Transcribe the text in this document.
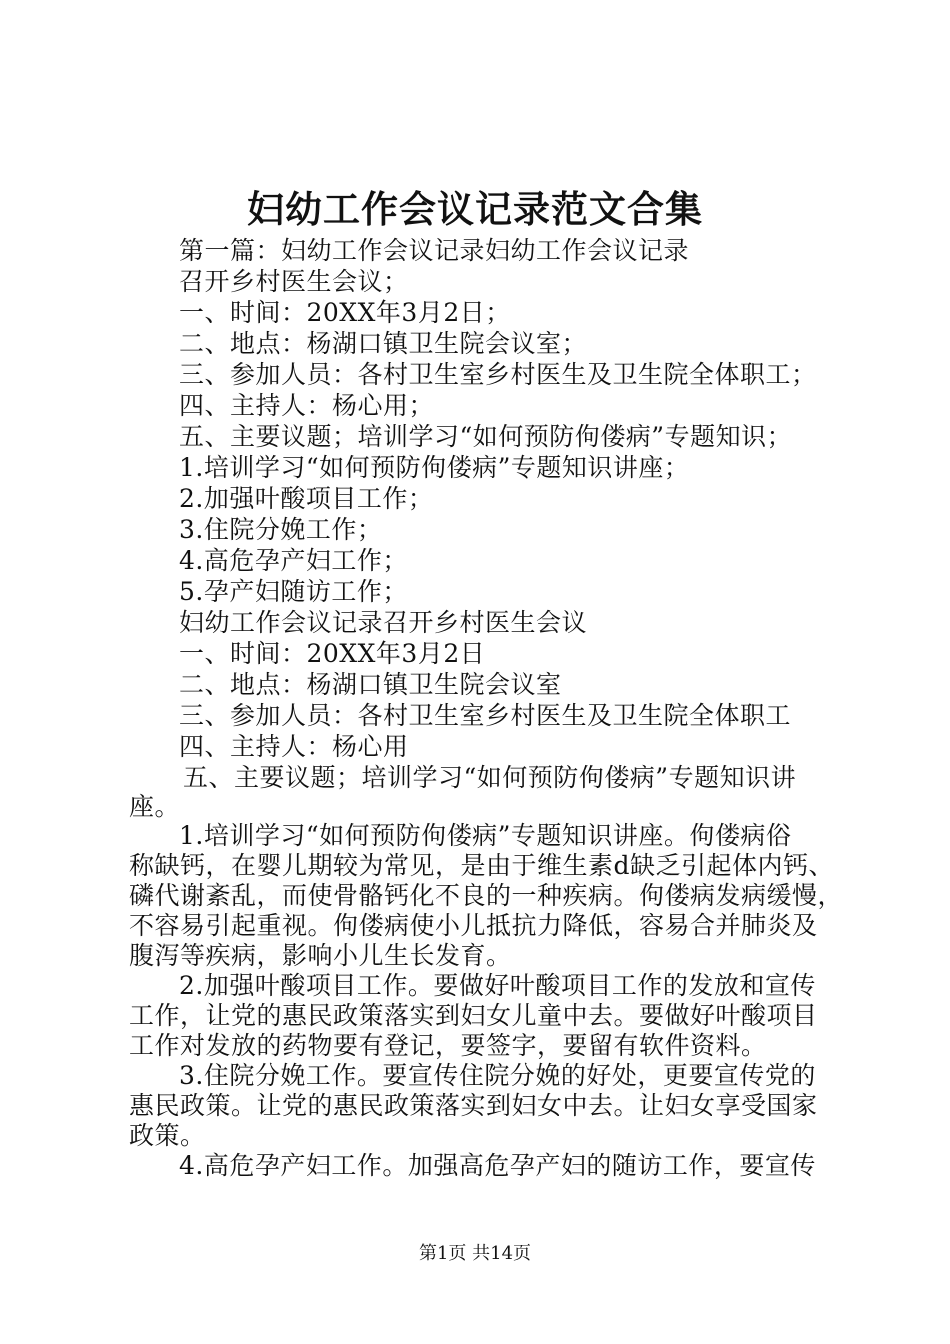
妇幼工作会议记录范文合集
第一篇：妇幼工作会议记录妇幼工作会议记录
召开乡村医生会议；
一、时间：20XX年3月2日；
二、地点：杨湖口镇卫生院会议室；
三、参加人员：各村卫生室乡村医生及卫生院全体职工；
四、主持人：杨心用；
五、主要议题；培训学习“如何预防佝偻病”专题知识；
1.培训学习“如何预防佝偻病”专题知识讲座；
2.加强叶酸项目工作；
3.住院分娩工作；
4.高危孕产妇工作；
5.孕产妇随访工作；
妇幼工作会议记录召开乡村医生会议
一、时间：20XX年3月2日
二、地点：杨湖口镇卫生院会议室
三、参加人员：各村卫生室乡村医生及卫生院全体职工
四、主持人：杨心用
五、主要议题；培训学习“如何预防佝偻病”专题知识讲
座。
1.培训学习“如何预防佝偻病”专题知识讲座。佝偻病俗
称缺钙，在婴儿期较为常见，是由于维生素d缺乏引起体内钙、
磷代谢紊乱，而使骨骼钙化不良的一种疾病。佝偻病发病缓慢，
不容易引起重视。佝偻病使小儿抵抗力降低，容易合并肺炎及
腹泻等疾病，影响小儿生长发育。
2.加强叶酸项目工作。要做好叶酸项目工作的发放和宣传
工作，让党的惠民政策落实到妇女儿童中去。要做好叶酸项目
工作对发放的药物要有登记，要签字，要留有软件资料。
3.住院分娩工作。要宣传住院分娩的好处，更要宣传党的
惠民政策。让党的惠民政策落实到妇女中去。让妇女享受国家
政策。
4.高危孕产妇工作。加强高危孕产妇的随访工作，要宣传
第1页 共14页
